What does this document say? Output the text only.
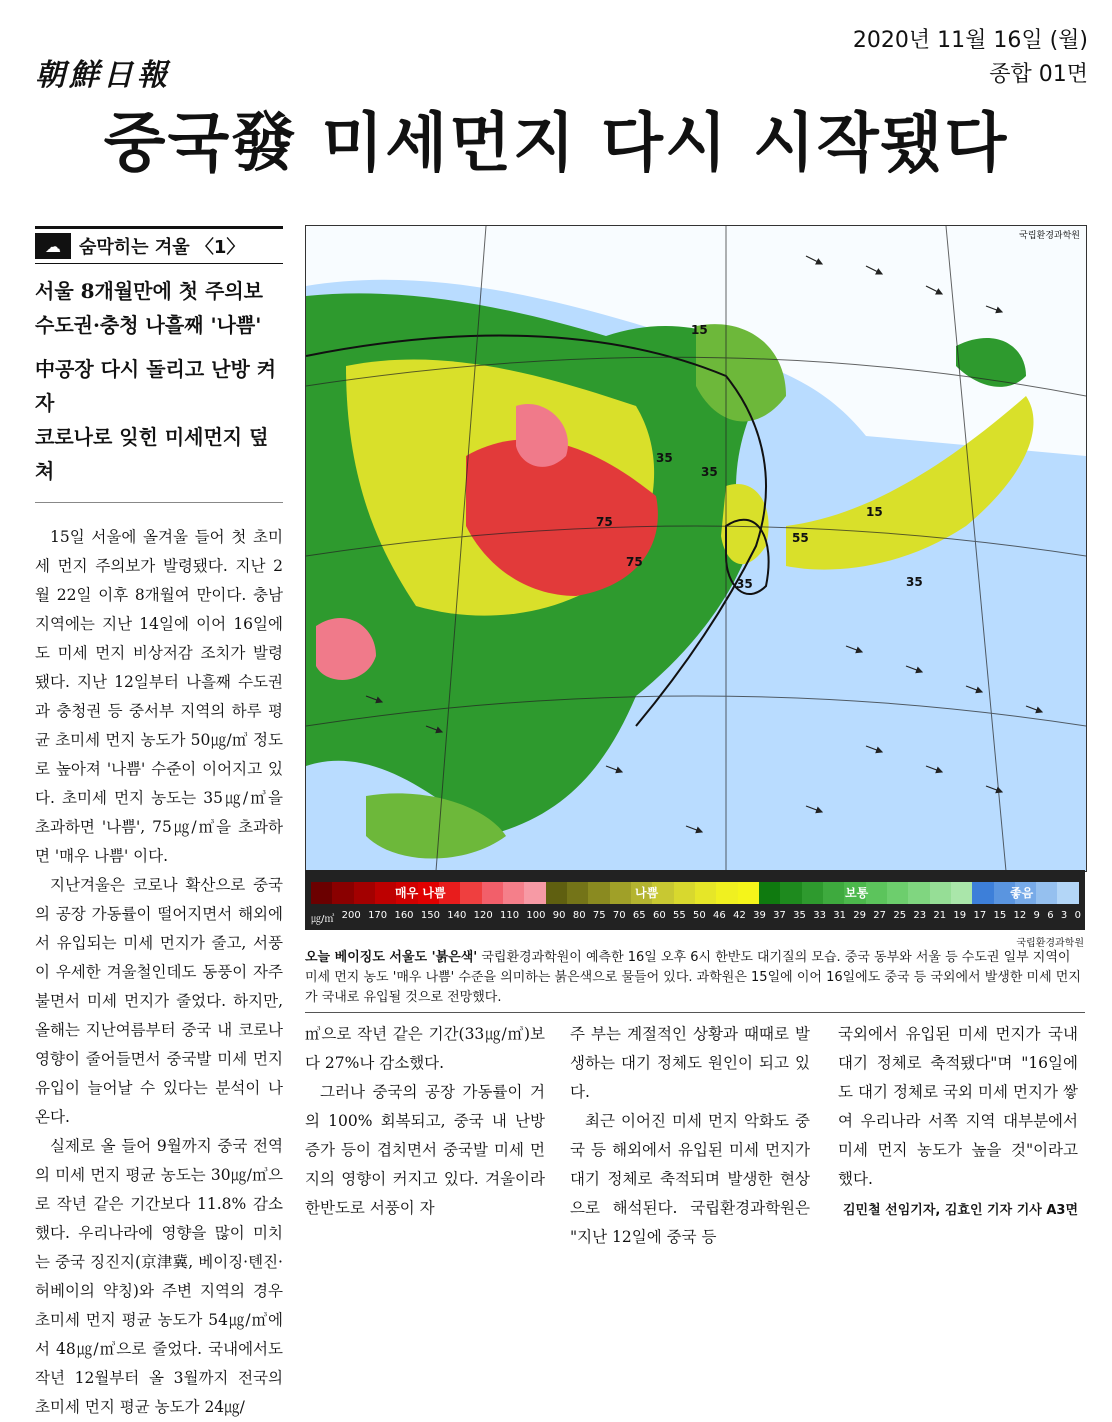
朝鮮日報
2020년 11월 16일 (월)
종합 01면
중국發 미세먼지 다시 시작됐다
☁	숨막히는 겨울 〈1〉
서울 8개월만에 첫 주의보
수도권·충청 나흘째 '나쁨'
中공장 다시 돌리고 난방 켜자
코로나로 잊힌 미세먼지 덮쳐

15일 서울에 올겨울 들어 첫 초미세 먼지 주의보가 발령됐다. 지난 2월 22일 이후 8개월여 만이다. 충남 지역에는 지난 14일에 이어 16일에도 미세 먼지 비상저감 조치가 발령됐다. 지난 12일부터 나흘째 수도권과 충청권 등 중서부 지역의 하루 평균 초미세 먼지 농도가 50㎍/㎥ 정도로 높아져 '나쁨' 수준이 이어지고 있다. 초미세 먼지 농도는 35㎍/㎥을 초과하면 '나쁨', 75㎍/㎥을 초과하면 '매우 나쁨' 이다.

지난겨울은 코로나 확산으로 중국의 공장 가동률이 떨어지면서 해외에서 유입되는 미세 먼지가 줄고, 서풍이 우세한 겨울철인데도 동풍이 자주 불면서 미세 먼지가 줄었다. 하지만, 올해는 지난여름부터 중국 내 코로나 영향이 줄어들면서 중국발 미세 먼지 유입이 늘어날 수 있다는 분석이 나온다.

실제로 올 들어 9월까지 중국 전역의 미세 먼지 평균 농도는 30㎍/㎥으로 작년 같은 기간보다 11.8% 감소했다. 우리나라에 영향을 많이 미치는 중국 징진지(京津冀, 베이징·톈진·허베이의 약칭)와 주변 지역의 경우 초미세 먼지 평균 농도가 54㎍/㎥에서 48㎍/㎥으로 줄었다. 국내에서도 작년 12월부터 올 3월까지 전국의 초미세 먼지 평균 농도가 24㎍/

15
35
35
75
75
35
55
15
35
국립환경과학원
매우 나쁨	나쁨	보통	좋음
㎍/㎥ 200 170 160 150 140 120 110 100 90 80 75 70 65 60 55 50 46 42 39 37 35 33 31 29 27 25 23 21 19 17 15 12 9 6 3 0
국립환경과학원
오늘 베이징도 서울도 '붉은색' 국립환경과학원이 예측한 16일 오후 6시 한반도 대기질의 모습. 중국 동부와 서울 등 수도권 일부 지역이 미세 먼지 농도 '매우 나쁨' 수준을 의미하는 붉은색으로 물들어 있다. 과학원은 15일에 이어 16일에도 중국 등 국외에서 발생한 미세 먼지가 국내로 유입될 것으로 전망했다.

㎥으로 작년 같은 기간(33㎍/㎥)보다 27%나 감소했다.

그러나 중국의 공장 가동률이 거의 100% 회복되고, 중국 내 난방 증가 등이 겹치면서 중국발 미세 먼지의 영향이 커지고 있다. 겨울이라 한반도로 서풍이 자

주 부는 계절적인 상황과 때때로 발생하는 대기 정체도 원인이 되고 있다.

최근 이어진 미세 먼지 악화도 중국 등 해외에서 유입된 미세 먼지가 대기 정체로 축적되며 발생한 현상으로 해석된다. 국립환경과학원은 "지난 12일에 중국 등

국외에서 유입된 미세 먼지가 국내 대기 정체로 축적됐다"며 "16일에도 대기 정체로 국외 미세 먼지가 쌓여 우리나라 서쪽 지역 대부분에서 미세 먼지 농도가 높을 것"이라고 했다.

김민철 선임기자, 김효인 기자 기사 A3면
